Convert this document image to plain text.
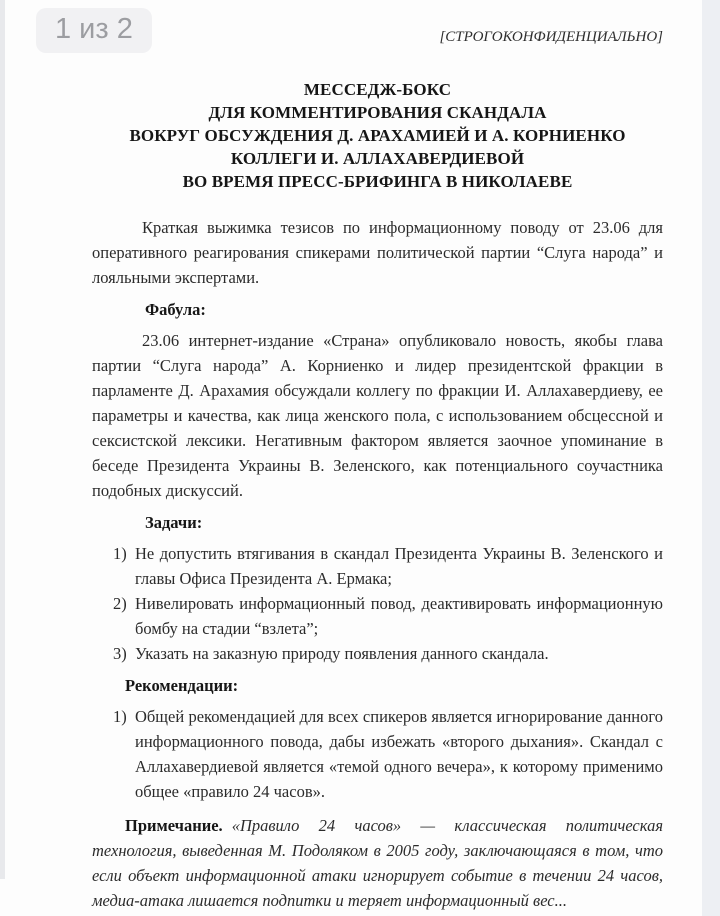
1 из 2	[СТРОГОКОНФИДЕНЦИАЛЬНО]
МЕССЕДЖ-БОКС
ДЛЯ КОММЕНТИРОВАНИЯ СКАНДАЛА
ВОКРУГ ОБСУЖДЕНИЯ Д. АРАХАМИЕЙ И А. КОРНИЕНКО
КОЛЛЕГИ И. АЛЛАХАВЕРДИЕВОЙ
ВО ВРЕМЯ ПРЕСС-БРИФИНГА В НИКОЛАЕВЕ

Краткая выжимка тезисов по информационному поводу от 23.06 для оперативного реагирования спикерами политической партии “Слуга народа” и лояльными экспертами.

Фабула:

23.06 интернет-издание «Страна» опубликовало новость, якобы глава партии “Слуга народа” А. Корниенко и лидер президентской фракции в парламенте Д. Арахамия обсуждали коллегу по фракции И. Аллахавердиеву, ее параметры и качества, как лица женского пола, с использованием обсцессной и сексистской лексики. Негативным фактором является заочное упоминание в беседе Президента Украины В. Зеленского, как потенциального соучастника подобных дискуссий.

Задачи:
1) Не допустить втягивания в скандал Президента Украины В. Зеленского и главы Офиса Президента А. Ермака;
2) Нивелировать информационный повод, деактивировать информационную бомбу на стадии “взлета”;
3) Указать на заказную природу появления данного скандала.
Рекомендации:
1) Общей рекомендацией для всех спикеров является игнорирование данного информационного повода, дабы избежать «второго дыхания». Скандал с Аллахавердиевой является «темой одного вечера», к которому применимо общее «правило 24 часов».

Примечание. «Правило 24 часов» — классическая политическая технология, выведенная М. Подоляком в 2005 году, заключающаяся в том, что если объект информационной атаки игнорирует событие в течении 24 часов, медиа-атака лишается подпитки и теряет информационный вес...
